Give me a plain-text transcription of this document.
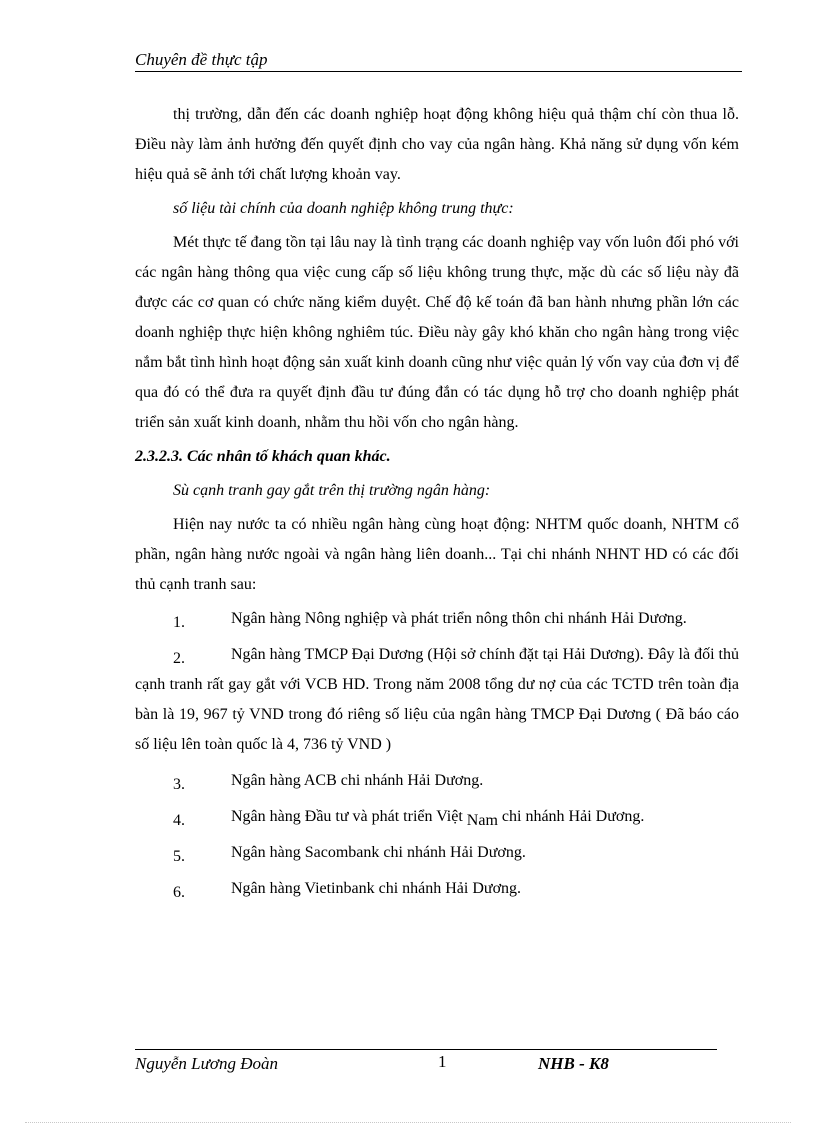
Chuyên đề thực tập

thị trường, dẫn đến các doanh nghiệp hoạt động không hiệu quả thậm chí còn thua lỗ. Điều này làm ảnh hưởng đến quyết định cho vay của ngân hàng. Khả năng sử dụng vốn kém hiệu quả sẽ ảnh tới chất lượng khoản vay.

số liệu tài chính của doanh nghiệp không trung thực:

Mét thực tế đang tồn tại lâu nay là tình trạng các doanh nghiệp vay vốn luôn đối phó với các ngân hàng thông qua việc cung cấp số liệu không trung thực, mặc dù các số liệu này đã được các cơ quan có chức năng kiểm duyệt. Chế độ kế toán đã ban hành nhưng phần lớn các doanh nghiệp thực hiện không nghiêm túc. Điều này gây khó khăn cho ngân hàng trong việc nắm bắt tình hình hoạt động sản xuất kinh doanh cũng như việc quản lý vốn vay của đơn vị để qua đó có thể đưa ra quyết định đầu tư đúng đắn có tác dụng hỗ trợ cho doanh nghiệp phát triển sản xuất kinh doanh, nhằm thu hồi vốn cho ngân hàng.

2.3.2.3. Các nhân tố khách quan khác.

Sù cạnh tranh gay gắt trên thị trường ngân hàng:

Hiện nay nước ta có nhiều ngân hàng cùng hoạt động: NHTM quốc doanh, NHTM cổ phần, ngân hàng nước ngoài và ngân hàng liên doanh... Tại chi nhánh NHNT HD có các đối thủ cạnh tranh sau:

1.	Ngân hàng Nông nghiệp và phát triển nông thôn chi nhánh Hải Dương.

2.	Ngân hàng TMCP Đại Dương (Hội sở chính đặt tại Hải Dương). Đây là đối thủ cạnh tranh rất gay gắt với VCB HD. Trong năm 2008 tổng dư nợ của các TCTD trên toàn địa bàn là 19, 967 tỷ VND trong đó riêng số liệu của ngân hàng TMCP Đại Dương ( Đã báo cáo số liệu lên toàn quốc là 4, 736 tỷ VND )

3.	Ngân hàng ACB chi nhánh Hải Dương.

4.	Ngân hàng Đầu tư và phát triển Việt Nam chi nhánh Hải Dương.

5.	Ngân hàng Sacombank chi nhánh Hải Dương.

6.	Ngân hàng Vietinbank chi nhánh Hải Dương.

Nguyễn Lương Đoàn	1	NHB - K8
